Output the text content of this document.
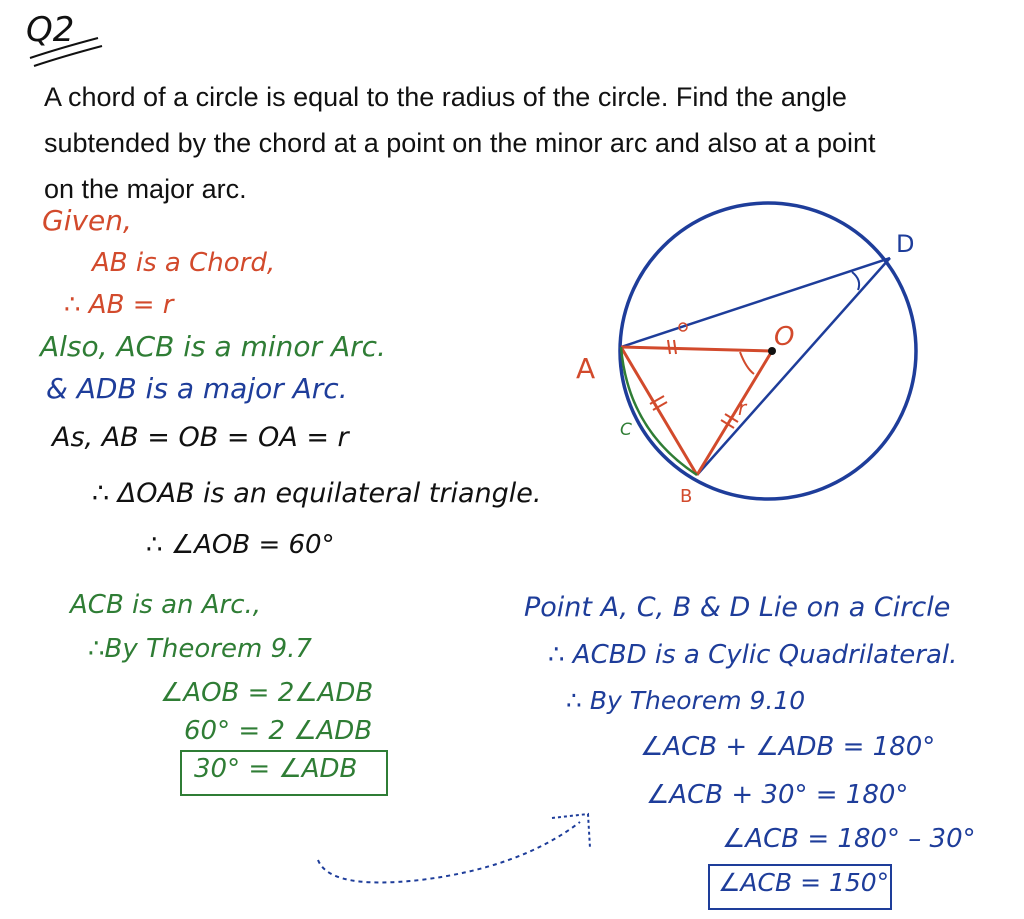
Q2
A chord of a circle is equal to the radius of the circle. Find the angle
subtended by the chord at a point on the minor arc and also at a point
on the major arc.
Given,
AB is a Chord,
∴ AB = r
Also, ACB is a minor Arc.
& ADB is a major Arc.
As, AB = OB = OA = r
∴ ΔOAB is an equilateral triangle.
∴ ∠AOB = 60°
ACB is an Arc.,
∴By Theorem 9.7
∠AOB = 2∠ADB
60° = 2 ∠ADB
30° = ∠ADB
Point A, C, B & D Lie on a Circle
∴ ACBD is a Cylic Quadrilateral.
∴ By Theorem 9.10
∠ACB + ∠ADB = 180°
∠ACB + 30° = 180°
∠ACB = 180° – 30°
∠ACB = 150°
A
B
O
D
C
r
